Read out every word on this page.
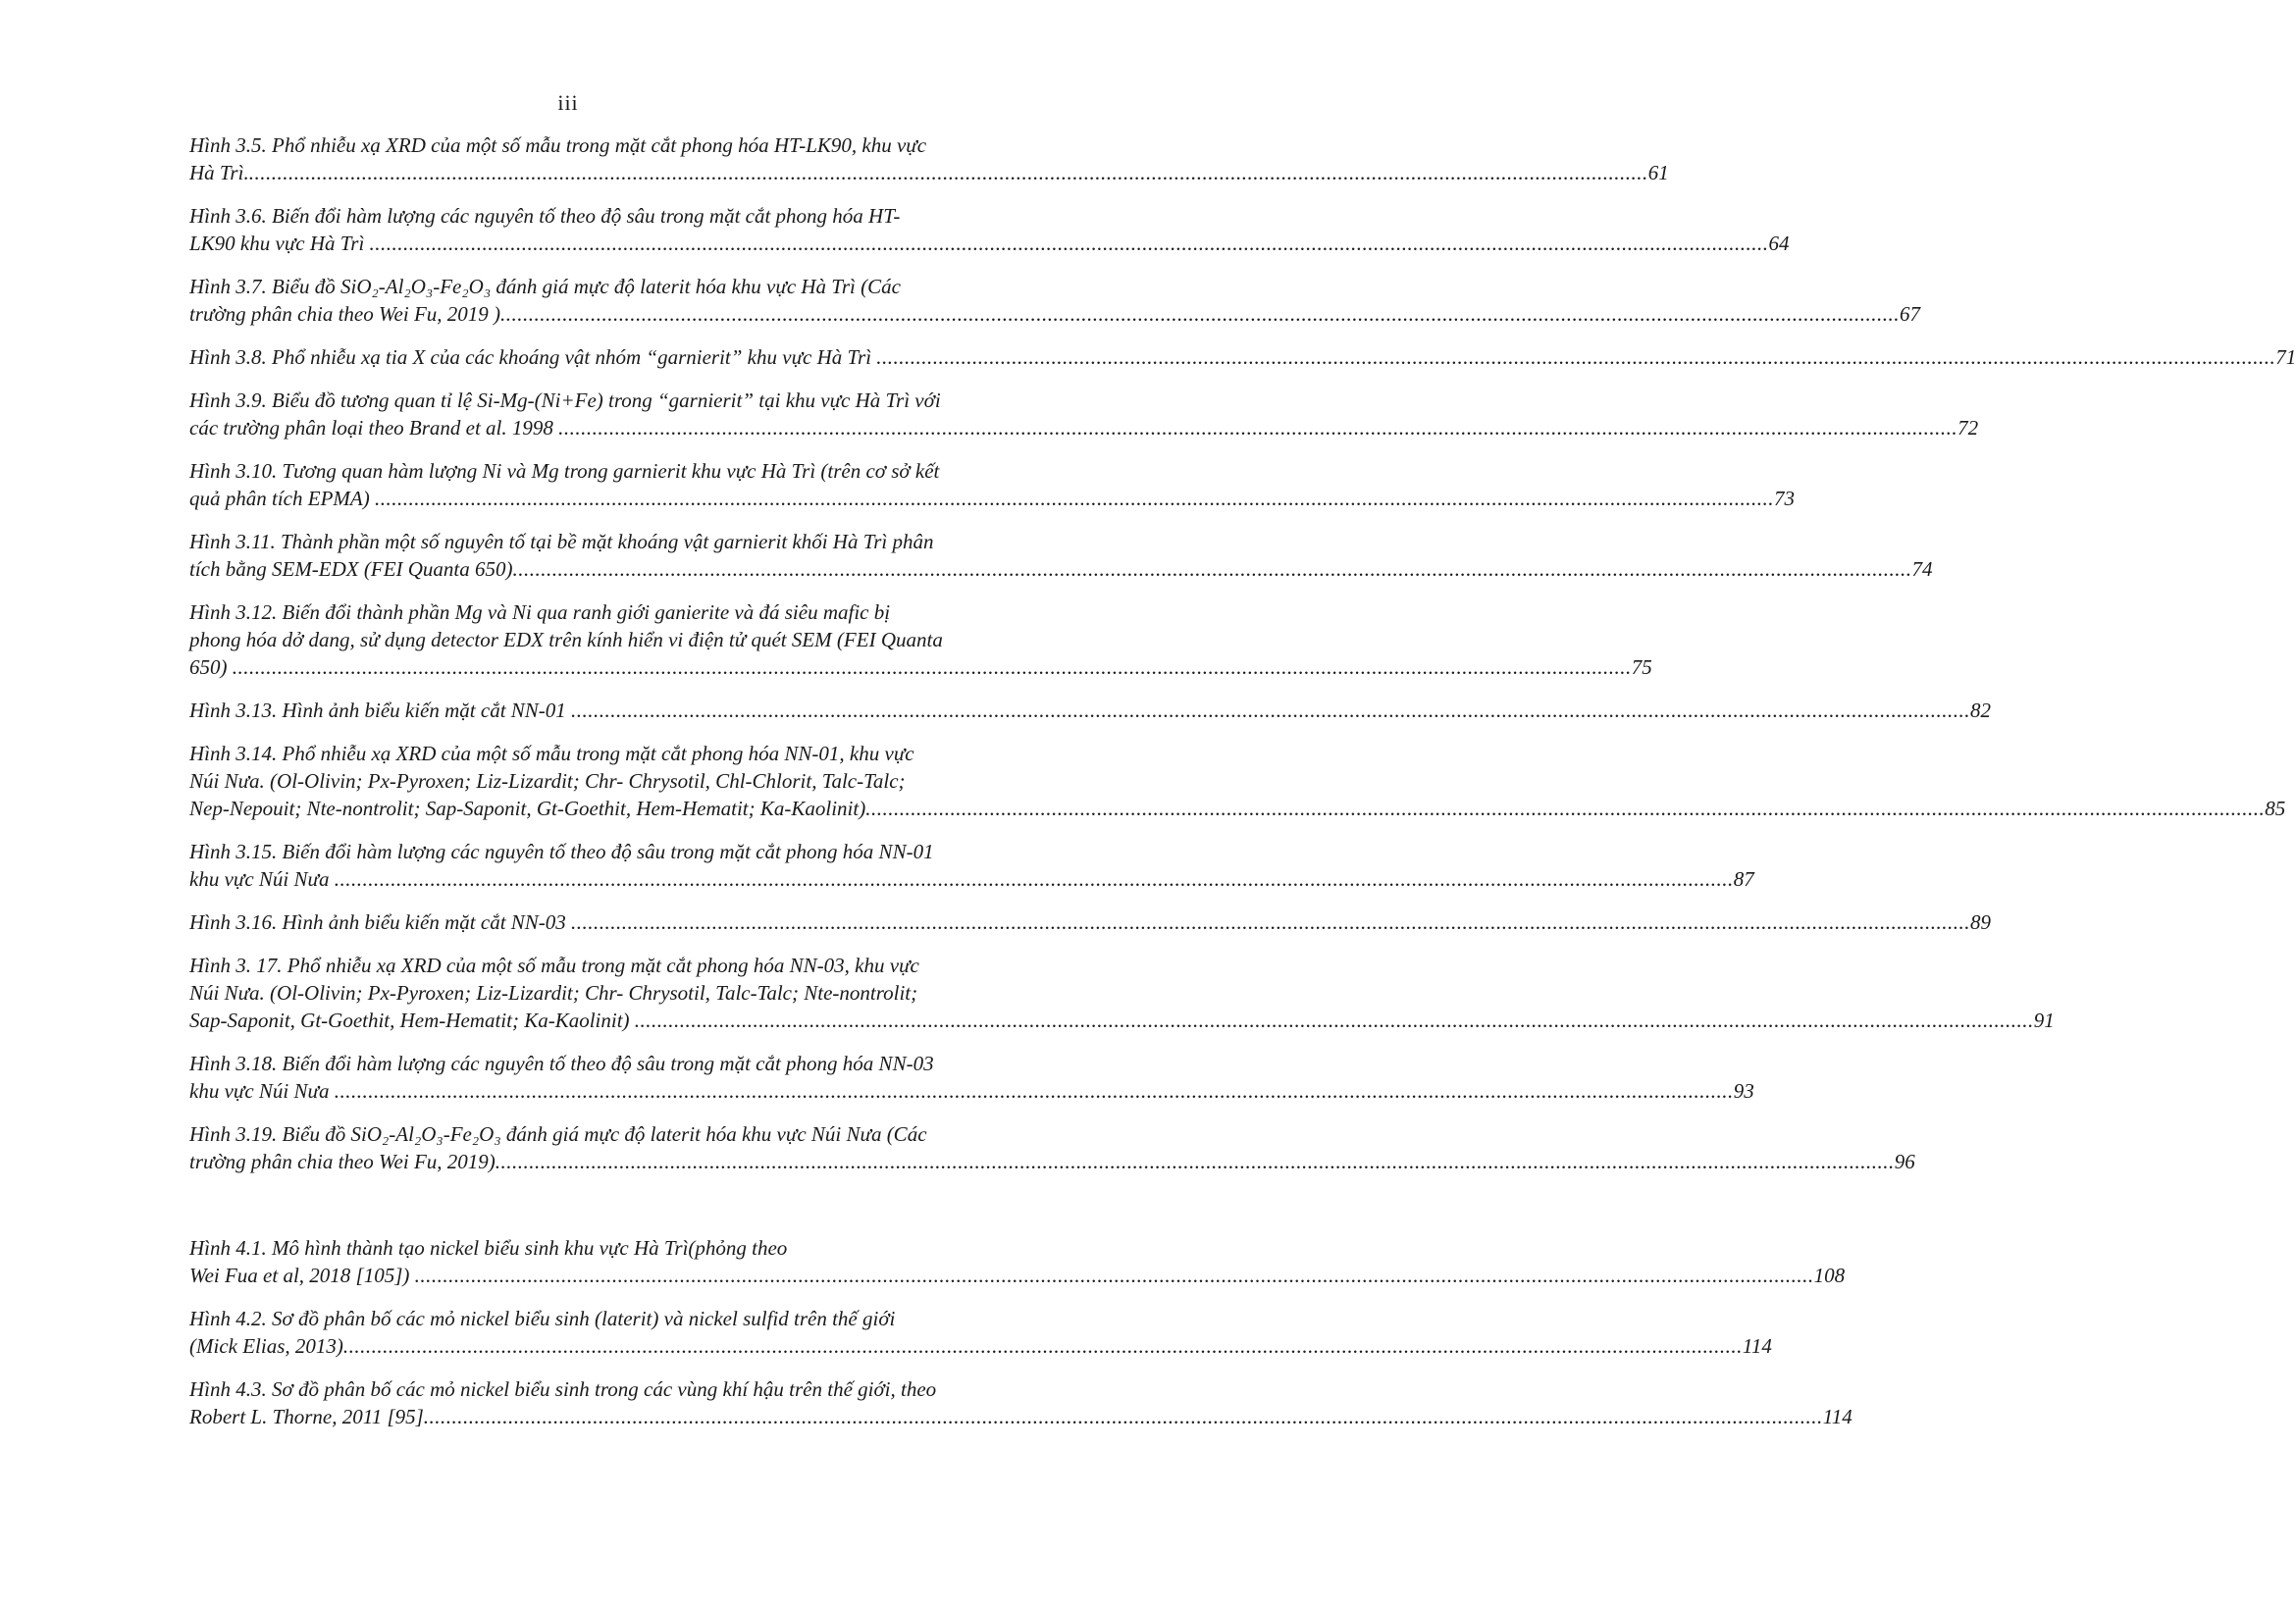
iii
Hình 3.5. Phổ nhiễu xạ XRD của một số mẫu trong mặt cắt phong hóa HT-LK90, khu vực
Hà Trì. .....	61
Hình 3.6. Biến đổi hàm lượng các nguyên tố theo độ sâu trong mặt cắt phong hóa HT-
LK90 khu vực Hà Trì .....	64
Hình 3.7. Biểu đồ SiO₂-Al₂O₃-Fe₂O₃ đánh giá mực độ laterit hóa khu vực Hà Trì (Các
trường phân chia theo Wei Fu, 2019 ) .....	67
Hình 3.8. Phổ nhiễu xạ tia X của các khoáng vật nhóm “garnierit” khu vực Hà Trì .....	71
Hình 3.9. Biểu đồ tương quan tỉ lệ Si-Mg-(Ni+Fe) trong “garnierit” tại khu vực Hà Trì với
các trường phân loại theo Brand et al. 1998 .....	72
Hình 3.10. Tương quan hàm lượng Ni và Mg trong garnierit khu vực Hà Trì (trên cơ sở kết
quả phân tích EPMA) .....	73
Hình 3.11. Thành phần một số nguyên tố tại bề mặt khoáng vật garnierit khối Hà Trì phân
tích bằng SEM-EDX (FEI Quanta 650) .....	74
Hình 3.12. Biến đổi thành phần Mg và Ni qua ranh giới ganierite và đá siêu mafic bị
phong hóa dở dang, sử dụng detector EDX trên kính hiển vi điện tử quét SEM (FEI Quanta
650) .....	75
Hình 3.13. Hình ảnh biểu kiến mặt cắt NN-01 .....	82
Hình 3.14. Phổ nhiễu xạ XRD của một số mẫu trong mặt cắt phong hóa NN-01, khu vực
Núi Nưa. (Ol-Olivin; Px-Pyroxen; Liz-Lizardit; Chr- Chrysotil, Chl-Chlorit, Talc-Talc;
Nep-Nepouit; Nte-nontrolit; Sap-Saponit, Gt-Goethit, Hem-Hematit; Ka-Kaolinit) .....	85
Hình 3.15. Biến đổi hàm lượng các nguyên tố theo độ sâu trong mặt cắt phong hóa NN-01
khu vực Núi Nưa .....	87
Hình 3.16. Hình ảnh biểu kiến mặt cắt NN-03 .....	89
Hình 3. 17. Phổ nhiễu xạ XRD của một số mẫu trong mặt cắt phong hóa NN-03, khu vực
Núi Nưa. (Ol-Olivin; Px-Pyroxen; Liz-Lizardit; Chr- Chrysotil, Talc-Talc; Nte-nontrolit;
Sap-Saponit, Gt-Goethit, Hem-Hematit; Ka-Kaolinit) .....	91
Hình 3.18. Biến đổi hàm lượng các nguyên tố theo độ sâu trong mặt cắt phong hóa NN-03
khu vực Núi Nưa .....	93
Hình 3.19. Biểu đồ SiO₂-Al₂O₃-Fe₂O₃ đánh giá mực độ laterit hóa khu vực Núi Nưa (Các
trường phân chia theo Wei Fu, 2019) .....	96
Hình 4.1. Mô hình thành tạo nickel biểu sinh khu vực Hà Trì(phỏng theo
Wei Fua et al, 2018 [105]) .....	108
Hình 4.2. Sơ đồ phân bố các mỏ nickel biểu sinh (laterit) và nickel sulfid trên thế giới
(Mick Elias, 2013) .....	114
Hình 4.3. Sơ đồ phân bố các mỏ nickel biểu sinh trong các vùng khí hậu trên thế giới, theo
Robert L. Thorne, 2011 [95] .....	114
